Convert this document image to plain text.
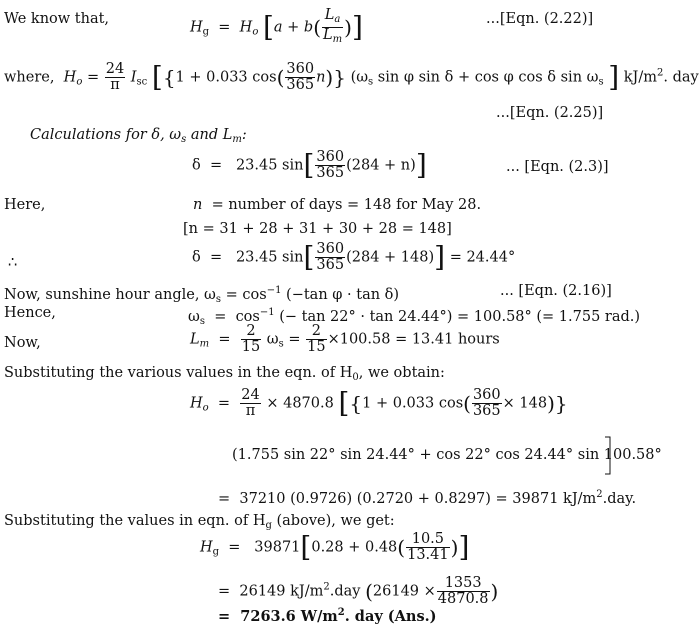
We know that,
$H_g = H_o$ [$a + b( \frac{L_a}{L_m}$ )]	...[Eqn. (2.22)]
where, $H_o = \frac{24}{\pi} I_{sc}$ [{1 + 0.033 $\cos( \frac{360}{365} n)$} ($\omega_s$ sin φ sin δ + cos φ cos δ $\sin \omega_s$ ] $kJ/m^2$. day
...[Eqn. (2.25)]
Calculations for δ, $\omega_s$ and $L_m$:
δ = 23.45 $\sin[ \frac{360}{365} (284 + n)]$	... [Eqn. (2.3)]
Here,	n = number of days = 148 for May 28.
[n = 31 + 28 + 31 + 30 + 28 = 148]
∴	δ = 23.45 $\sin[ \frac{360}{365} (284 + 148)] = 24.44^\circ$
Now, sunshine hour angle, $\omega_s = \cos^{-1} (-\tan$ φ · tan δ)	... [Eqn. (2.16)]
Hence,	$\omega_s = \cos^{-1}$ (− tan 22° · tan 24.44°) = 100.58° (= 1.755 rad.)
Now,	$L_m = \frac{2}{15} \omega_s = \frac{2}{15} \times 100.58 = 13.41$ hours
Substituting the various values in the eqn. of $H_0$, we obtain:
$H_o = \frac{24}{\pi} \times 4870.8$ [{1 + 0.033 $\cos( \frac{360}{365} \times 148)$}
(1.755 sin 22° sin 24.44° + cos 22° cos 24.44° sin 100.58°
= 37210 (0.9726) (0.2720 + 0.8297) = 39871 $kJ/m^2.day$.
Substituting the values in eqn. of $H_g$ (above), we get:
$H_g = 39871[0.28 + 0.48( \frac{10.5}{13.41}$ )]
= 26149 $kJ/m^2.day$ ($26149 \times \frac{1353}{4870.8}$ )
= 7263.6 $W/m^2$. day (Ans.)
